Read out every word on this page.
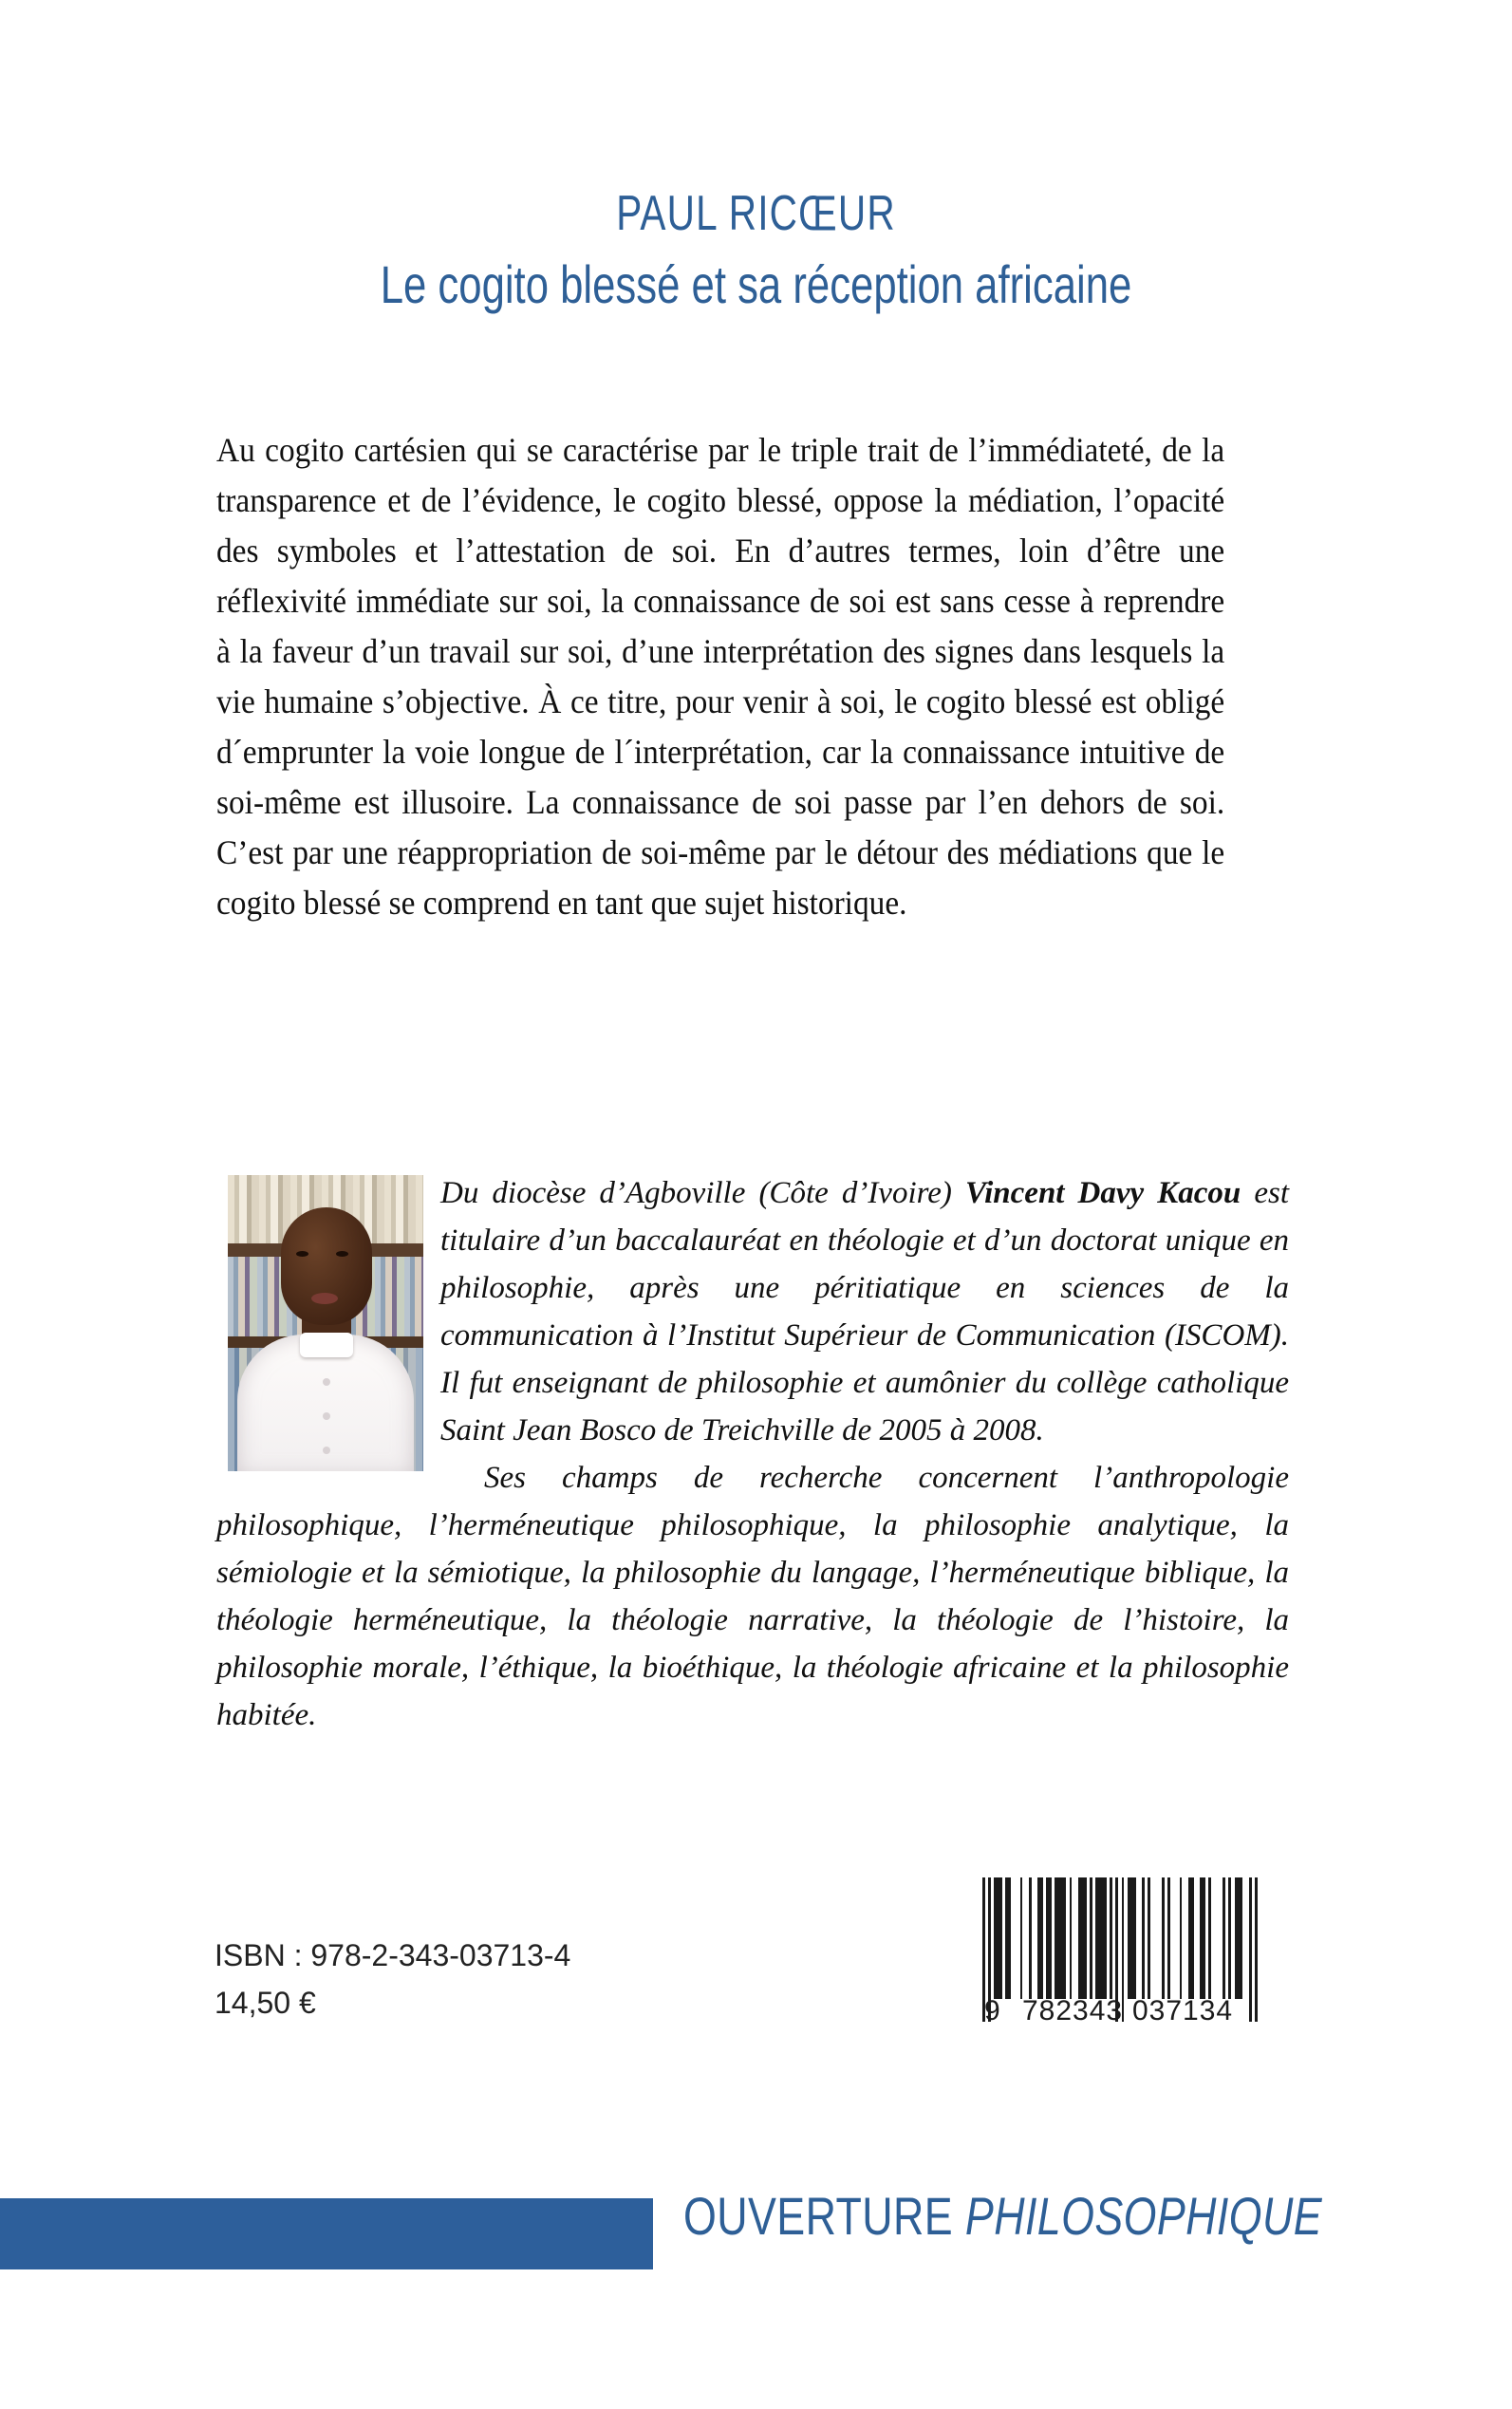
PAUL RICŒUR
Le cogito blessé et sa réception africaine

Au cogito cartésien qui se caractérise par le triple trait de l’immédiateté, de la transparence et de l’évidence, le cogito blessé, oppose la médiation, l’opacité des symboles et l’attestation de soi. En d’autres termes, loin d’être une réflexivité immédiate sur soi, la connaissance de soi est sans cesse à reprendre à la faveur d’un travail sur soi, d’une interprétation des signes dans lesquels la vie humaine s’objective. À ce titre, pour venir à soi, le cogito blessé est obligé d´emprunter la voie longue de l´interprétation, car la connaissance intuitive de soi-même est illusoire. La connaissance de soi passe par l’en dehors de soi. C’est par une réappropriation de soi-même par le détour des médiations que le cogito blessé se comprend en tant que sujet historique.

Du diocèse d’Agboville (Côte d’Ivoire) Vincent Davy Kacou est titulaire d’un baccalauréat en théologie et d’un doctorat unique en philosophie, après une péritiatique en sciences de la communication à l’Institut Supérieur de Communication (ISCOM). Il fut enseignant de philosophie et aumônier du collège catholique Saint Jean Bosco de Treichville de 2005 à 2008.

Ses champs de recherche concernent l’anthropologie philosophique, l’herméneutique philosophique, la philosophie analytique, la sémiologie et la sémiotique, la philosophie du langage, l’herméneutique biblique, la théologie herméneutique, la théologie narrative, la théologie de l’histoire, la philosophie morale, l’éthique, la bioéthique, la théologie africaine et la philosophie habitée.

ISBN : 978-2-343-03713-4
14,50 €	9 782343 037134
OUVERTURE PHILOSOPHIQUE
